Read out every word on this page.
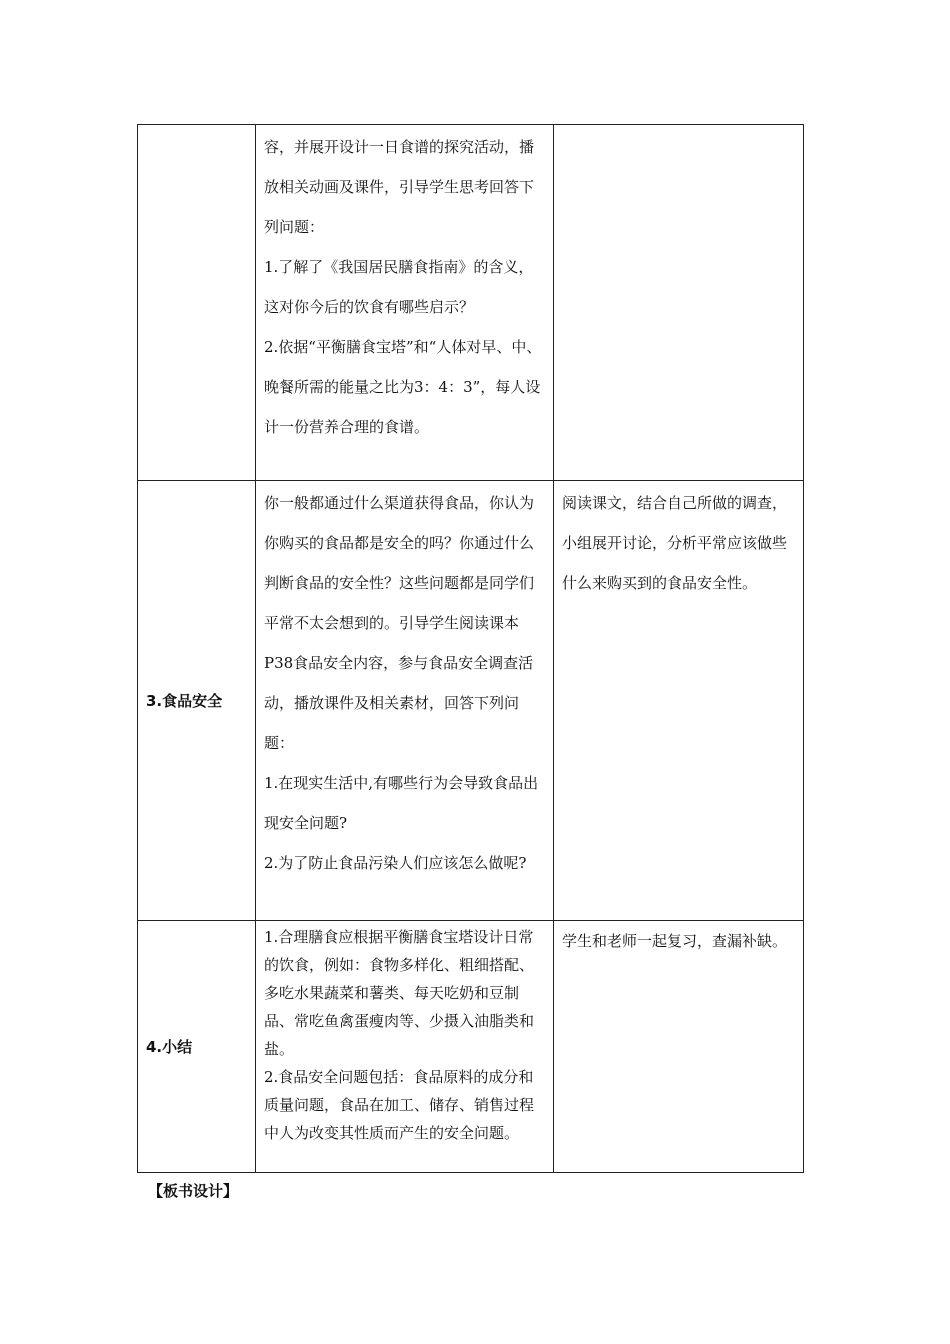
	容，并展开设计一日食谱的探究活动，播放相关动画及课件，引导学生思考回答下列问题：

1.了解了《我国居民膳食指南》的含义，这对你今后的饮食有哪些启示？

2.依据“平衡膳食宝塔”和“人体对早、中、晚餐所需的能量之比为3：4：3”，每人设计一份营养合理的食谱。	

3.食品安全	你一般都通过什么渠道获得食品，你认为你购买的食品都是安全的吗？你通过什么判断食品的安全性？这些问题都是同学们平常不太会想到的。引导学生阅读课本P38食品安全内容，参与食品安全调查活动，播放课件及相关素材，回答下列问题：

1.在现实生活中,有哪些行为会导致食品出现安全问题?

2.为了防止食品污染人们应该怎么做呢?	阅读课文，结合自己所做的调查，小组展开讨论，分析平常应该做些什么来购买到的食品安全性。
4.小结	1.合理膳食应根据平衡膳食宝塔设计日常的饮食，例如：食物多样化、粗细搭配、多吃水果蔬菜和薯类、每天吃奶和豆制品、常吃鱼禽蛋瘦肉等、少摄入油脂类和盐。

2.食品安全问题包括：食品原料的成分和质量问题，食品在加工、储存、销售过程中人为改变其性质而产生的安全问题。	学生和老师一起复习，查漏补缺。
【板书设计】
